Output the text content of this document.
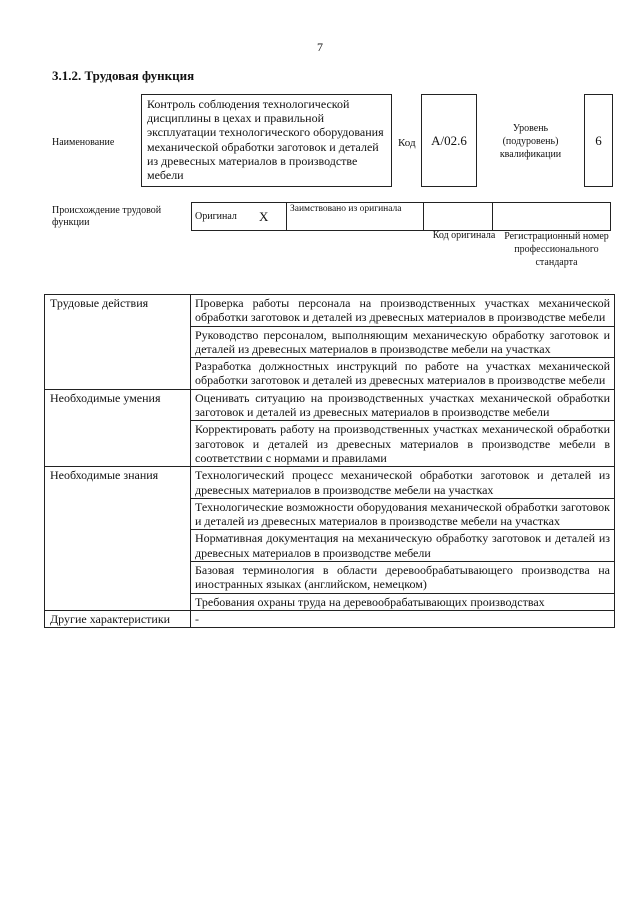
7
3.1.2. Трудовая функция
Наименование
Контроль соблюдения технологической дисциплины в цехах и правильной эксплуатации технологического оборудования механической обработки заготовок и деталей из древесных материалов в производстве мебели
Код	А/02.6
Уровень (подуровень) квалификации
6
Происхождение трудовой функции
Оригинал	X	Заимствовано из оригинала		
Код оригинала Регистрационный номер профессионального стандарта
Трудовые действия	Проверка работы персонала на производственных участках механической обработки заготовок и деталей из древесных материалов в производстве мебели
	Руководство персоналом, выполняющим механическую обработку заготовок и деталей из древесных материалов в производстве мебели на участках
	Разработка должностных инструкций по работе на участках механической обработки заготовок и деталей из древесных материалов в производстве мебели
Необходимые умения	Оценивать ситуацию на производственных участках механической обработки заготовок и деталей из древесных материалов в производстве мебели
	Корректировать работу на производственных участках механической обработки заготовок и деталей из древесных материалов в производстве мебели в соответствии с нормами и правилами
Необходимые знания	Технологический процесс механической обработки заготовок и деталей из древесных материалов в производстве мебели на участках
	Технологические возможности оборудования механической обработки заготовок и деталей из древесных материалов в производстве мебели на участках
	Нормативная документация на механическую обработку заготовок и деталей из древесных материалов в производстве мебели
	Базовая терминология в области деревообрабатывающего производства на иностранных языках (английском, немецком)
	Требования охраны труда на деревообрабатывающих производствах
Другие характеристики	-
